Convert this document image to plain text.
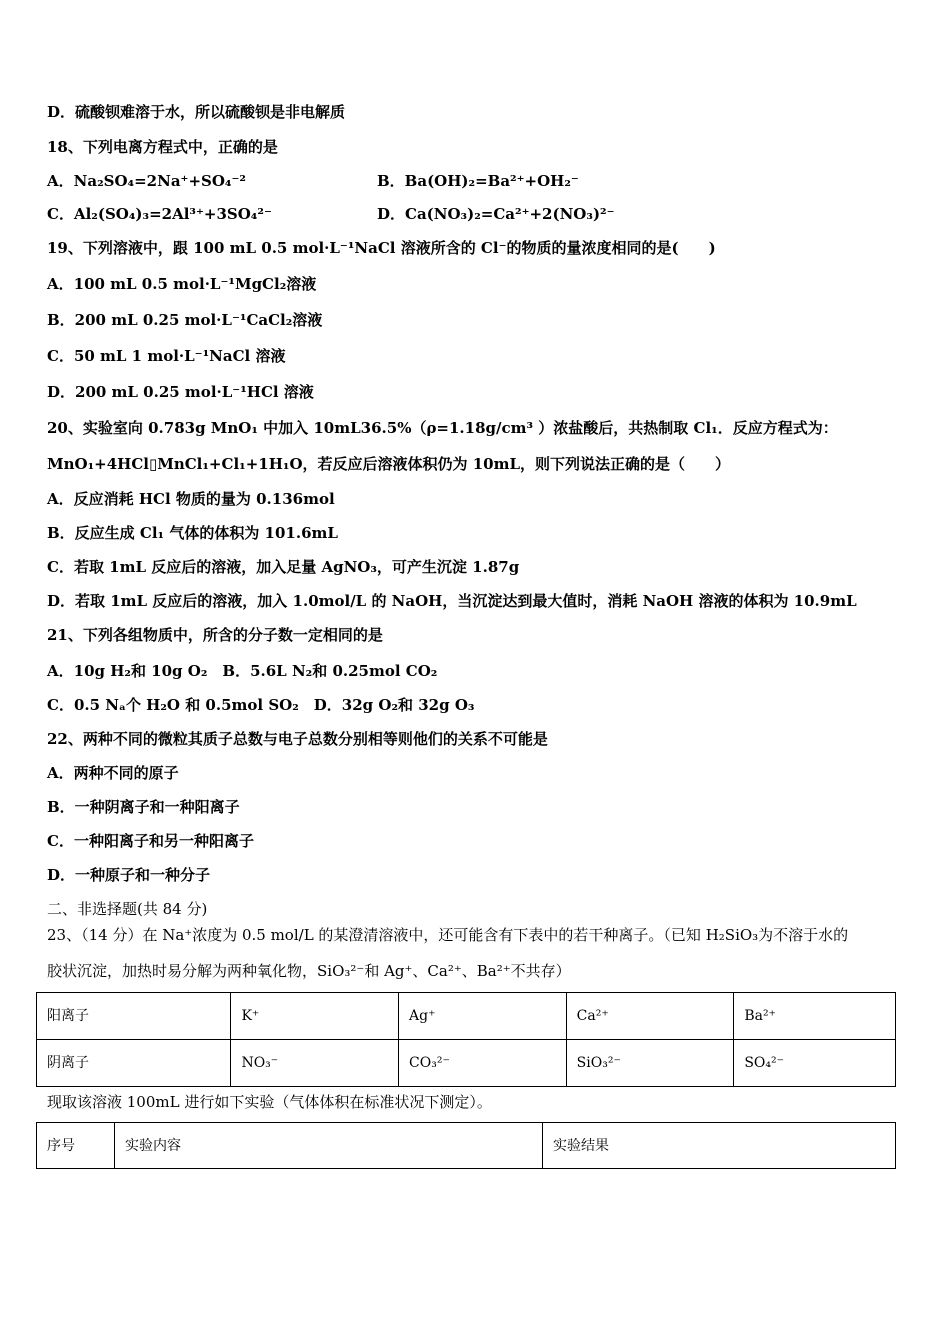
D．硫酸钡难溶于水，所以硫酸钡是非电解质
18、下列电离方程式中，正确的是
A．Na₂SO₄=2Na⁺+SO₄⁻²	B．Ba(OH)₂=Ba²⁺+OH₂⁻
C．Al₂(SO₄)₃=2Al³⁺+3SO₄²⁻	D．Ca(NO₃)₂=Ca²⁺+2(NO₃)²⁻
19、下列溶液中，跟 100 mL 0.5 mol·L⁻¹NaCl 溶液所含的 Cl⁻的物质的量浓度相同的是(　　)
A．100 mL 0.5 mol·L⁻¹MgCl₂溶液
B．200 mL 0.25 mol·L⁻¹CaCl₂溶液
C．50 mL 1 mol·L⁻¹NaCl 溶液
D．200 mL 0.25 mol·L⁻¹HCl 溶液
20、实验室向 0.783g MnO₁ 中加入 10mL36.5%（ρ=1.18g/cm³ ）浓盐酸后，共热制取 Cl₁．反应方程式为：
MnO₁+4HCl▯MnCl₁+Cl₁+1H₁O，若反应后溶液体积仍为 10mL，则下列说法正确的是（　　）
A．反应消耗 HCl 物质的量为 0.136mol
B．反应生成 Cl₁ 气体的体积为 101.6mL
C．若取 1mL 反应后的溶液，加入足量 AgNO₃，可产生沉淀 1.87g
D．若取 1mL 反应后的溶液，加入 1.0mol/L 的 NaOH，当沉淀达到最大值时，消耗 NaOH 溶液的体积为 10.9mL
21、下列各组物质中，所含的分子数一定相同的是
A．10g H₂和 10g O₂　B．5.6L N₂和 0.25mol CO₂
C．0.5 Nₐ个 H₂O 和 0.5mol SO₂　D．32g O₂和 32g O₃
22、两种不同的微粒其质子总数与电子总数分别相等则他们的关系不可能是
A．两种不同的原子
B．一种阴离子和一种阳离子
C．一种阳离子和另一种阳离子
D．一种原子和一种分子
二、非选择题(共 84 分)
23、（14 分）在 Na⁺浓度为 0.5 mol/L 的某澄清溶液中，还可能含有下表中的若干种离子。（已知 H₂SiO₃为不溶于水的
胶状沉淀，加热时易分解为两种氧化物，SiO₃²⁻和 Ag⁺、Ca²⁺、Ba²⁺不共存）
阳离子	K⁺	Ag⁺	Ca²⁺	Ba²⁺
阴离子	NO₃⁻	CO₃²⁻	SiO₃²⁻	SO₄²⁻
现取该溶液 100mL 进行如下实验（气体体积在标准状况下测定）。
序号	实验内容	实验结果
